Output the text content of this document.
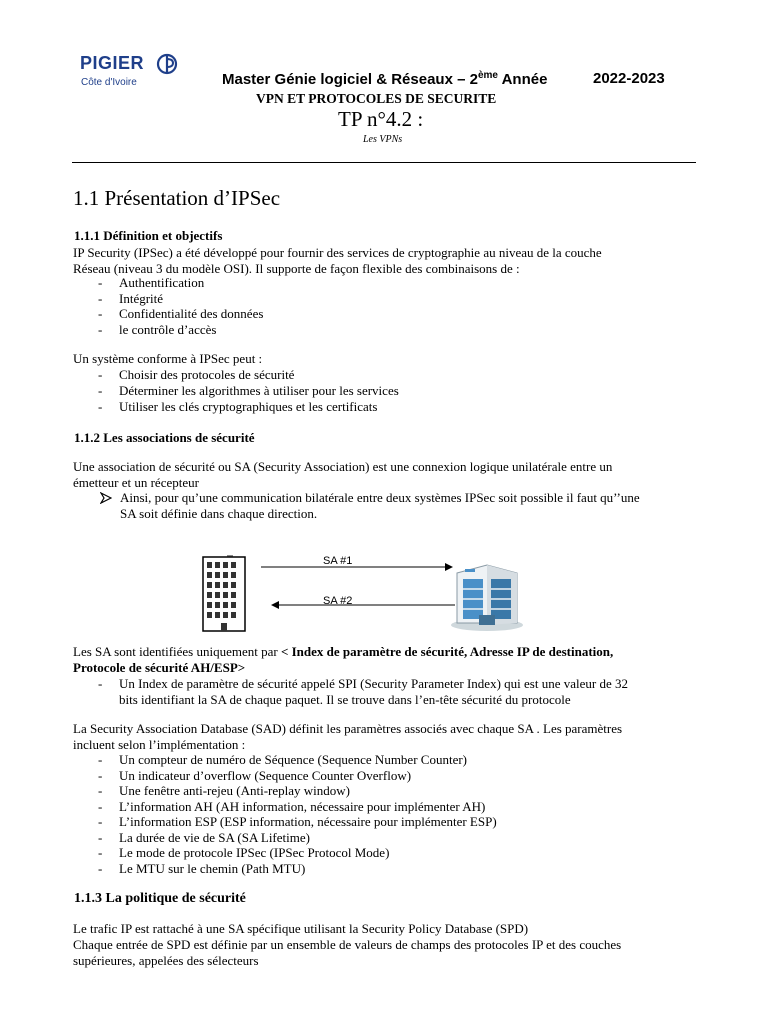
PIGIER
Côte d'Ivoire	Master Génie logiciel & Réseaux – 2ème Année	2022-2023
VPN ET PROTOCOLES DE SECURITE
TP n°4.2 :
Les VPNs
1.1 Présentation d’IPSec
1.1.1 Définition et objectifs
IP Security (IPSec) a été développé pour fournir des services de cryptographie au niveau de la couche
Réseau (niveau 3 du modèle OSI). Il supporte de façon flexible des combinaisons de :
- Authentification
- Intégrité
- Confidentialité des données
- le contrôle d’accès
Un système conforme à IPSec peut :
- Choisir des protocoles de sécurité
- Déterminer les algorithmes à utiliser pour les services
- Utiliser les clés cryptographiques et les certificats
1.1.2 Les associations de sécurité
Une association de sécurité ou SA (Security Association) est une connexion logique unilatérale entre un
émetteur et un récepteur
Ainsi, pour qu’une communication bilatérale entre deux systèmes IPSec soit possible il faut qu’’une
SA soit définie dans chaque direction.
SA #1
SA #2
Les SA sont identifiées uniquement par < Index de paramètre de sécurité, Adresse IP de destination,
Protocole de sécurité AH/ESP>
- Un Index de paramètre de sécurité appelé SPI (Security Parameter Index) qui est une valeur de 32
bits identifiant la SA de chaque paquet. Il se trouve dans l’en-tête sécurité du protocole
La Security Association Database (SAD) définit les paramètres associés avec chaque SA . Les paramètres
incluent selon l’implémentation :
- Un compteur de numéro de Séquence (Sequence Number Counter)
- Un indicateur d’overflow (Sequence Counter Overflow)
- Une fenêtre anti-rejeu (Anti-replay window)
- L’information AH (AH information, nécessaire pour implémenter AH)
- L’information ESP (ESP information, nécessaire pour implémenter ESP)
- La durée de vie de SA (SA Lifetime)
- Le mode de protocole IPSec (IPSec Protocol Mode)
- Le MTU sur le chemin (Path MTU)
1.1.3 La politique de sécurité
Le trafic IP est rattaché à une SA spécifique utilisant la Security Policy Database (SPD)
Chaque entrée de SPD est définie par un ensemble de valeurs de champs des protocoles IP et des couches
supérieures, appelées des sélecteurs
